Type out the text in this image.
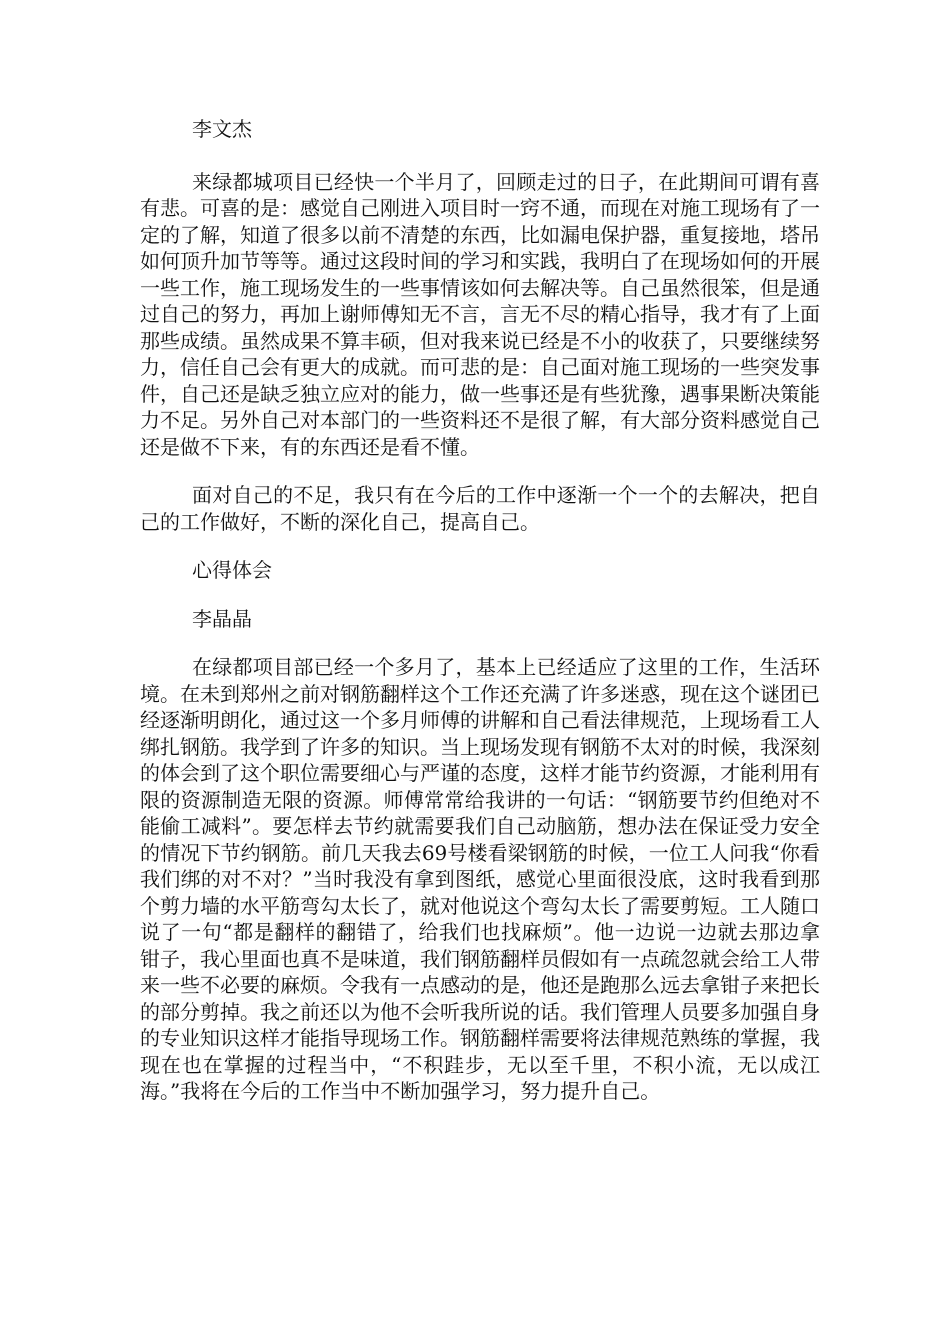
李文杰

来绿都城项目已经快一个半月了，回顾走过的日子，在此期间可谓有喜有悲。可喜的是：感觉自己刚进入项目时一窍不通，而现在对施工现场有了一定的了解，知道了很多以前不清楚的东西，比如漏电保护器，重复接地，塔吊如何顶升加节等等。通过这段时间的学习和实践，我明白了在现场如何的开展一些工作，施工现场发生的一些事情该如何去解决等。自己虽然很笨，但是通过自己的努力，再加上谢师傅知无不言，言无不尽的精心指导，我才有了上面那些成绩。虽然成果不算丰硕，但对我来说已经是不小的收获了，只要继续努力，信任自己会有更大的成就。而可悲的是：自己面对施工现场的一些突发事件，自己还是缺乏独立应对的能力，做一些事还是有些犹豫，遇事果断决策能力不足。另外自己对本部门的一些资料还不是很了解，有大部分资料感觉自己还是做不下来，有的东西还是看不懂。

面对自己的不足，我只有在今后的工作中逐渐一个一个的去解决，把自己的工作做好，不断的深化自己，提高自己。

心得体会

李晶晶

在绿都项目部已经一个多月了，基本上已经适应了这里的工作，生活环境。在未到郑州之前对钢筋翻样这个工作还充满了许多迷惑，现在这个谜团已经逐渐明朗化，通过这一个多月师傅的讲解和自己看法律规范，上现场看工人绑扎钢筋。我学到了许多的知识。当上现场发现有钢筋不太对的时候，我深刻的体会到了这个职位需要细心与严谨的态度，这样才能节约资源，才能利用有限的资源制造无限的资源。师傅常常给我讲的一句话：“钢筋要节约但绝对不能偷工减料”。要怎样去节约就需要我们自己动脑筋，想办法在保证受力安全的情况下节约钢筋。前几天我去69号楼看梁钢筋的时候，一位工人问我“你看我们绑的对不对？”当时我没有拿到图纸，感觉心里面很没底，这时我看到那个剪力墙的水平筋弯勾太长了，就对他说这个弯勾太长了需要剪短。工人随口说了一句“都是翻样的翻错了，给我们也找麻烦”。他一边说一边就去那边拿钳子，我心里面也真不是味道，我们钢筋翻样员假如有一点疏忽就会给工人带来一些不必要的麻烦。令我有一点感动的是，他还是跑那么远去拿钳子来把长的部分剪掉。我之前还以为他不会听我所说的话。我们管理人员要多加强自身的专业知识这样才能指导现场工作。钢筋翻样需要将法律规范熟练的掌握，我现在也在掌握的过程当中，“不积跬步，无以至千里，不积小流，无以成江海。”我将在今后的工作当中不断加强学习，努力提升自己。
